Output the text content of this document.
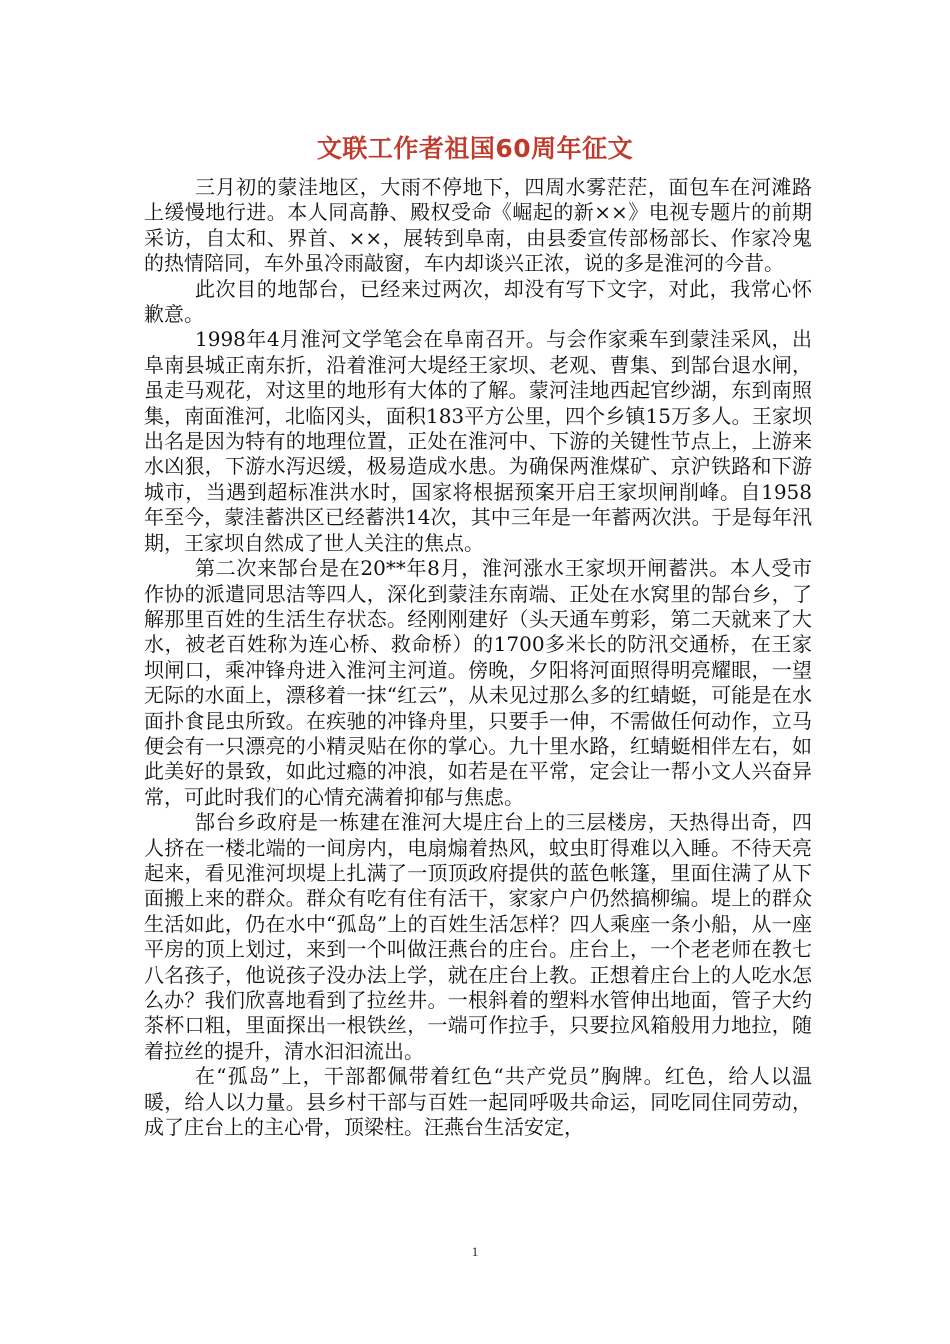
文联工作者祖国60周年征文

三月初的蒙洼地区，大雨不停地下，四周水雾茫茫，面包车在河滩路上缓慢地行进。本人同高静、殿权受命《崛起的新××》电视专题片的前期采访，自太和、界首、××，展转到阜南，由县委宣传部杨部长、作家冷鬼的热情陪同，车外虽冷雨敲窗，车内却谈兴正浓，说的多是淮河的今昔。

此次目的地郜台，已经来过两次，却没有写下文字，对此，我常心怀歉意。

1998年4月淮河文学笔会在阜南召开。与会作家乘车到蒙洼采风，出阜南县城正南东折，沿着淮河大堤经王家坝、老观、曹集、到郜台退水闸，虽走马观花，对这里的地形有大体的了解。蒙河洼地西起官纱湖，东到南照集，南面淮河，北临冈头，面积183平方公里，四个乡镇15万多人。王家坝出名是因为特有的地理位置，正处在淮河中、下游的关键性节点上，上游来水凶狠，下游水泻迟缓，极易造成水患。为确保两淮煤矿、京沪铁路和下游城市，当遇到超标准洪水时，国家将根据预案开启王家坝闸削峰。自1958年至今，蒙洼蓄洪区已经蓄洪14次，其中三年是一年蓄两次洪。于是每年汛期，王家坝自然成了世人关注的焦点。

第二次来郜台是在20**年8月，淮河涨水王家坝开闸蓄洪。本人受市作协的派遣同思洁等四人，深化到蒙洼东南端、正处在水窝里的郜台乡，了解那里百姓的生活生存状态。经刚刚建好（头天通车剪彩，第二天就来了大水，被老百姓称为连心桥、救命桥）的1700多米长的防汛交通桥，在王家坝闸口，乘冲锋舟进入淮河主河道。傍晚，夕阳将河面照得明亮耀眼，一望无际的水面上，漂移着一抹“红云”，从未见过那么多的红蜻蜓，可能是在水面扑食昆虫所致。在疾驰的冲锋舟里，只要手一伸，不需做任何动作，立马便会有一只漂亮的小精灵贴在你的掌心。九十里水路，红蜻蜓相伴左右，如此美好的景致，如此过瘾的冲浪，如若是在平常，定会让一帮小文人兴奋异常，可此时我们的心情充满着抑郁与焦虑。

郜台乡政府是一栋建在淮河大堤庄台上的三层楼房，天热得出奇，四人挤在一楼北端的一间房内，电扇煽着热风，蚊虫盯得难以入睡。不待天亮起来，看见淮河坝堤上扎满了一顶顶政府提供的蓝色帐篷，里面住满了从下面搬上来的群众。群众有吃有住有活干，家家户户仍然搞柳编。堤上的群众生活如此，仍在水中“孤岛”上的百姓生活怎样？四人乘座一条小船，从一座平房的顶上划过，来到一个叫做汪燕台的庄台。庄台上，一个老老师在教七八名孩子，他说孩子没办法上学，就在庄台上教。正想着庄台上的人吃水怎么办？我们欣喜地看到了拉丝井。一根斜着的塑料水管伸出地面，管子大约茶杯口粗，里面探出一根铁丝，一端可作拉手，只要拉风箱般用力地拉，随着拉丝的提升，清水汩汩流出。

在“孤岛”上，干部都佩带着红色“共产党员”胸牌。红色，给人以温暖，给人以力量。县乡村干部与百姓一起同呼吸共命运，同吃同住同劳动，成了庄台上的主心骨，顶梁柱。汪燕台生活安定，

1
